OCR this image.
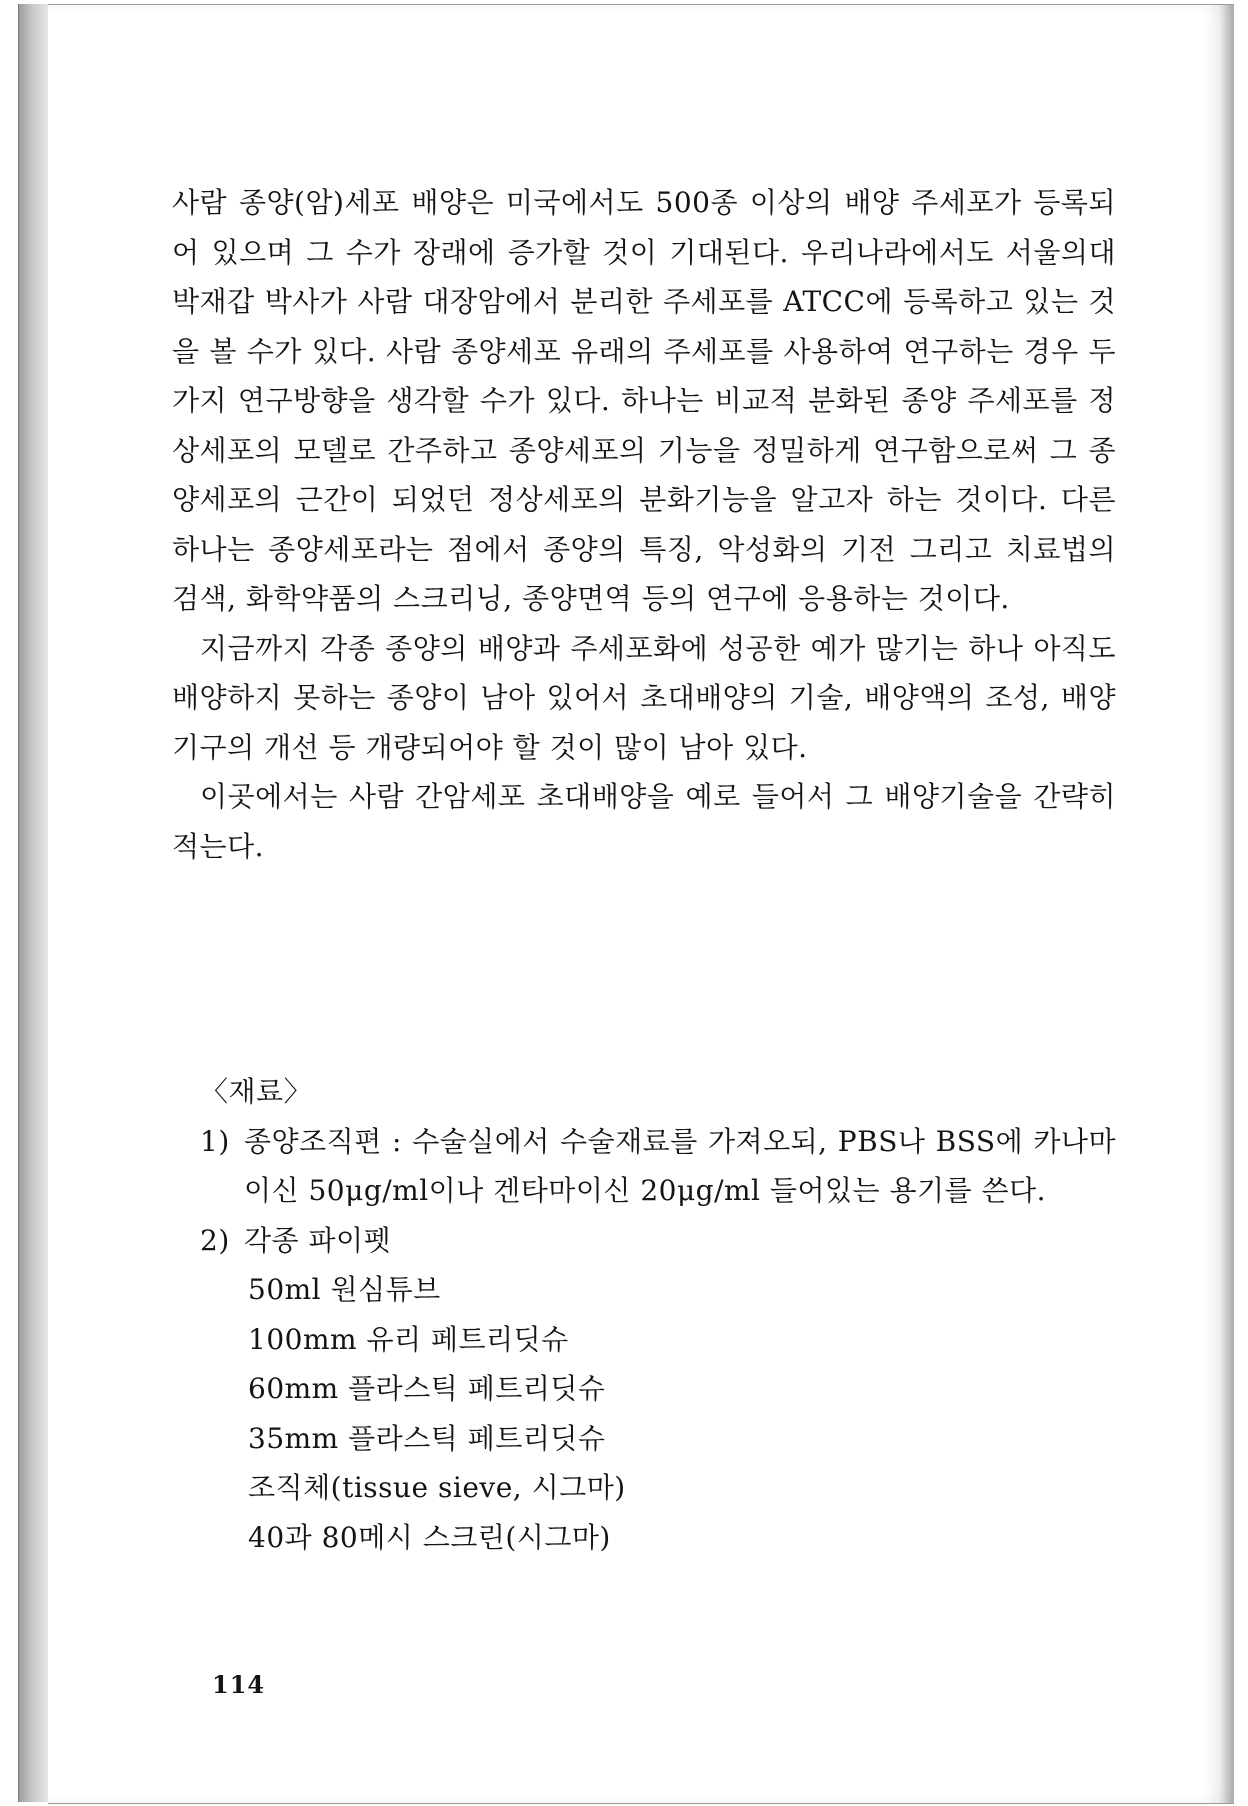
사람 종양(암)세포 배양은 미국에서도 500종 이상의 배양 주세포가 등록되어 있으며 그 수가 장래에 증가할 것이 기대된다. 우리나라에서도 서울의대 박재갑 박사가 사람 대장암에서 분리한 주세포를 ATCC에 등록하고 있는 것을 볼 수가 있다. 사람 종양세포 유래의 주세포를 사용하여 연구하는 경우 두 가지 연구방향을 생각할 수가 있다. 하나는 비교적 분화된 종양 주세포를 정상세포의 모델로 간주하고 종양세포의 기능을 정밀하게 연구함으로써 그 종양세포의 근간이 되었던 정상세포의 분화기능을 알고자 하는 것이다. 다른 하나는 종양세포라는 점에서 종양의 특징, 악성화의 기전 그리고 치료법의 검색, 화학약품의 스크리닝, 종양면역 등의 연구에 응용하는 것이다.

지금까지 각종 종양의 배양과 주세포화에 성공한 예가 많기는 하나 아직도 배양하지 못하는 종양이 남아 있어서 초대배양의 기술, 배양액의 조성, 배양기구의 개선 등 개량되어야 할 것이 많이 남아 있다.

이곳에서는 사람 간암세포 초대배양을 예로 들어서 그 배양기술을 간략히 적는다.

〈재료〉

1) 종양조직편 : 수술실에서 수술재료를 가져오되, PBS나 BSS에 카나마이신 50μg/ml이나 겐타마이신 20μg/ml 들어있는 용기를 쓴다.
2) 각종 파이펫
50ml 원심튜브
100mm 유리 페트리딧슈
60mm 플라스틱 페트리딧슈
35mm 플라스틱 페트리딧슈
조직체(tissue sieve, 시그마)
40과 80메시 스크린(시그마)
114
